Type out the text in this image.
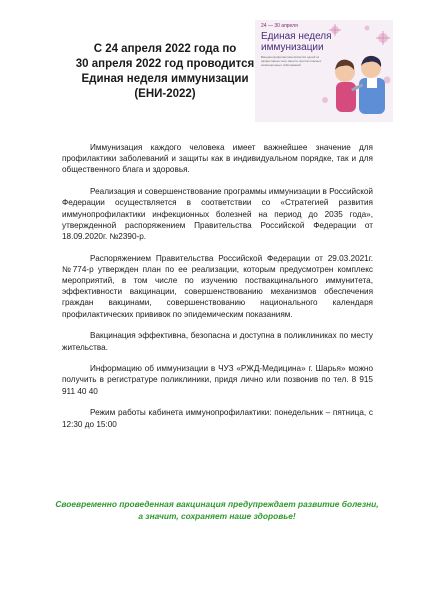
С 24 апреля 2022 года по
30 апреля 2022 год проводится
Единая неделя иммунизации
(ЕНИ-2022)
24 — 30 апреля
Единая неделя
иммунизации
Вакцинопрофилактика является одной из эффективных мер защиты против опасных инфекционных заболеваний

Иммунизация каждого человека имеет важнейшее значение для профилактики заболеваний и защиты как в индивидуальном порядке, так и для общественного блага и здоровья.

Реализация и совершенствование программы иммунизации в Российской Федерации осуществляется в соответствии со «Стратегией развития иммунопрофилактики инфекционных болезней на период до 2035 года», утвержденной распоряжением Правительства Российской Федерации от 18.09.2020г. №2390-р.

Распоряжением Правительства Российской Федерации от 29.03.2021г. №774-р утвержден план по ее реализации, которым предусмотрен комплекс мероприятий, в том числе по изучению поствакцинального иммунитета, эффективности вакцинации, совершенствованию механизмов обеспечения граждан вакцинами, совершенствованию национального календаря профилактических прививок по эпидемическим показаниям.

Вакцинация эффективна, безопасна и доступна в поликлиниках по месту жительства.

Информацию об иммунизации в ЧУЗ «РЖД-Медицина» г. Шарья» можно получить в регистратуре поликлиники, придя лично или позвонив по тел. 8 915 911 40 40

Режим работы кабинета иммунопрофилактики: понедельник – пятница, с 12:30 до 15:00

Своевременно проведенная вакцинация предупреждает развитие болезни,
а значит, сохраняет наше здоровье!
